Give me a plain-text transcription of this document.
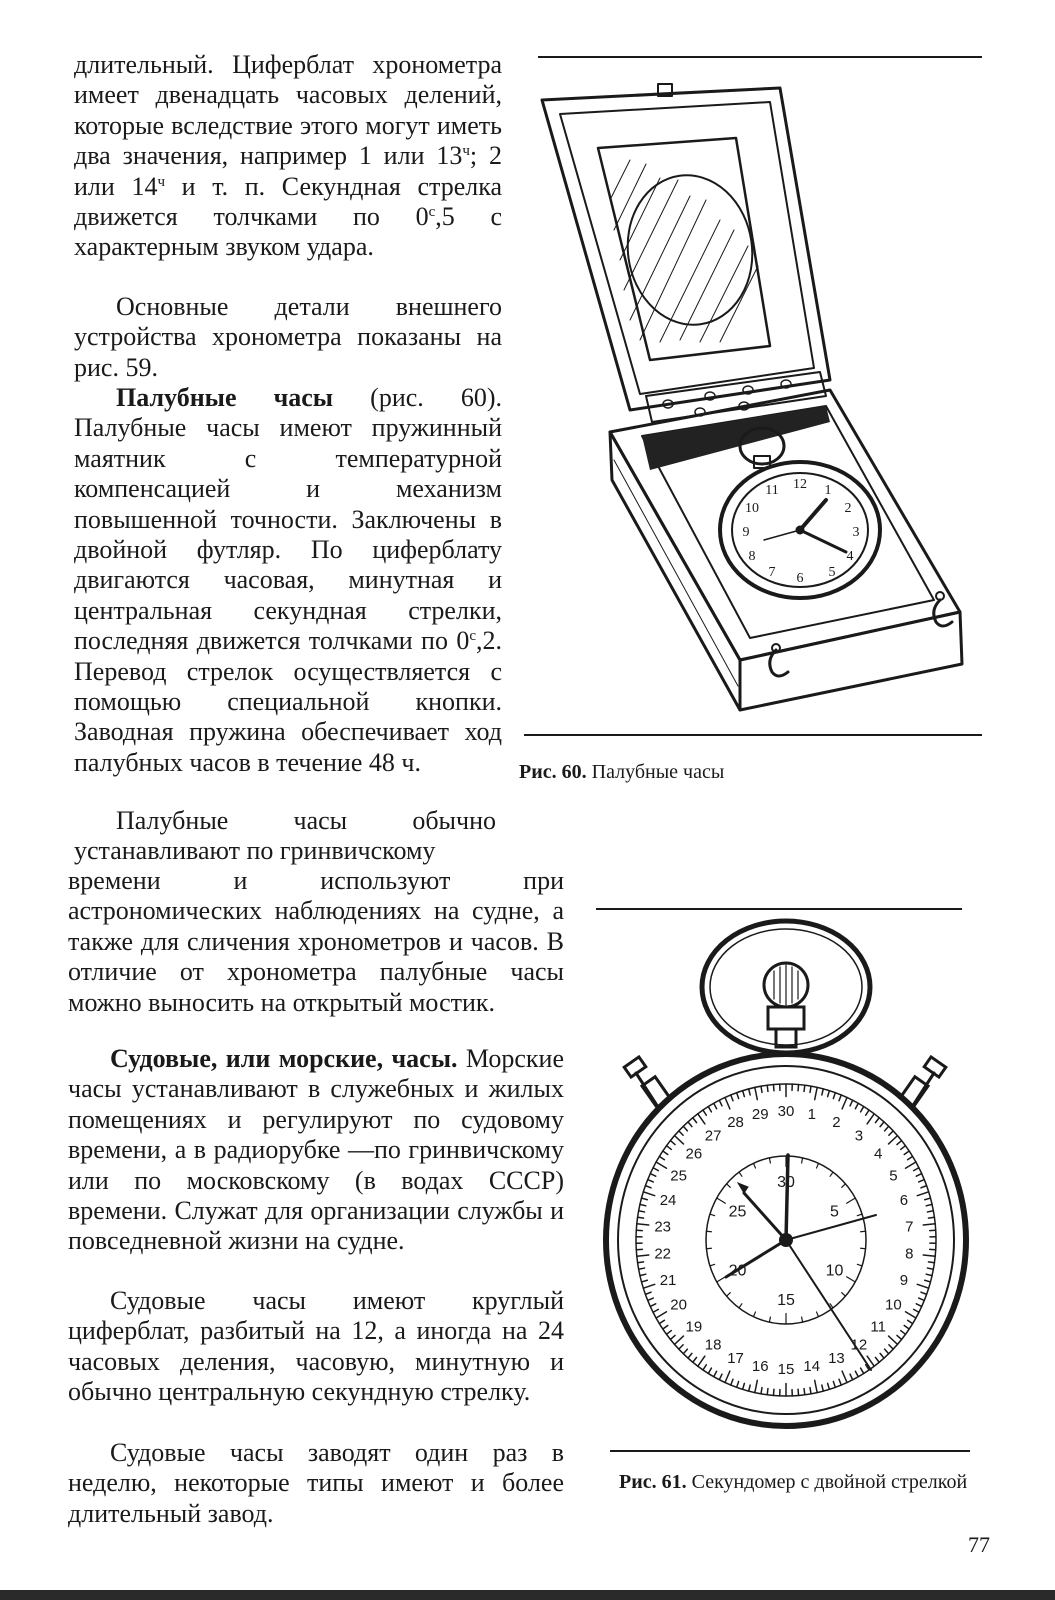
длительный. Циферблат хронометра имеет двенадцать часовых делений, которые вследствие этого могут иметь два значения, например 1 или $13^ч$; 2 или $14^ч$ и т. п. Секундная стрелка движется толчками по $0^с,5$ с характерным звуком удара.

Основные детали внешнего устройства хронометра показаны на рис. 59.

Палубные часы (рис. 60). Палубные часы имеют пружинный маятник с температурной компенсацией и механизм повышенной точности. Заключены в двойной футляр. По циферблату двигаются часовая, минутная и центральная секундная стрелки, последняя движется толчками по $0^с,2$. Перевод стрелок осуществляется с помощью специальной кнопки. Заводная пружина обеспечивает ход палубных часов в течение 48 ч.

Палубные часы обычно устанавливают по гринвичскому

времени и используют при астрономических наблюдениях на судне, а также для сличения хронометров и часов. В отличие от хронометра палубные часы можно выносить на открытый мостик.

Судовые, или морские, часы. Морские часы устанавливают в служебных и жилых помещениях и регулируют по судовому времени, а в радиорубке —по гринвичскому или по московскому (в водах СССР) времени. Служат для организации службы и повседневной жизни на судне.

Судовые часы имеют круглый циферблат, разбитый на 12, а иногда на 24 часовых деления, часовую, минутную и обычно центральную секундную стрелку.

Судовые часы заводят один раз в неделю, некоторые типы имеют и более длительный завод.

12 1
2
3
4
5
6
7
8
9
10
11

Рис. 60. Палубные часы

30 1 2
3
4
5
6
7
8
9
10
11
12
13
14
15
16
17
18
19
20
21
22
23
24
25
26
27
28 29
30
5
10
15
20
25

Рис. 61. Секундомер с двойной стрелкой

77
